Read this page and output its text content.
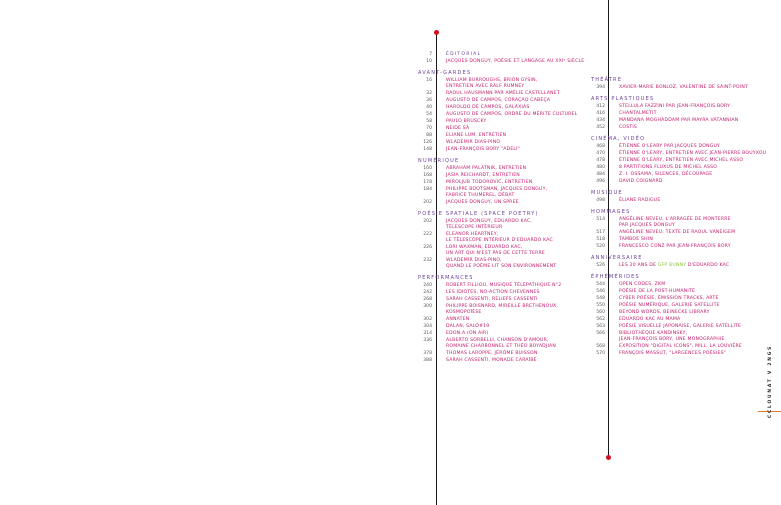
CCLOUNAT V 2NGS
7	ÉDITORIAL
10	JACQUES DONGUY, POÉSIE ET LANGAGE AU XXIᵉ SIÈCLE
AVANT-GARDES
16	WILLIAM BURROUGHS, BRION GYSIN,
ENTRETIEN AVEC RALF RUMNEY
32	RAOUL HAUSMANN PAR AMÉLIE CASTELLANET
36	AUGUSTO DE CAMPOS, CORAÇÃO CABEÇA
40	HAROLDO DE CAMPOS, GALÁXIAS
54	AUGUSTO DE CAMPOS, ORDRE DU MÉRITE CULTUREL
58	PAULO BRUSCKY
70	NEIDE SÁ
88	ELIANE LUM, ENTRETIEN
126	WLADEMIR DIAS-PINO
148	JEAN-FRANÇOIS BORY "ADELI"
NUMÉRIQUE
160	ABRAHAM PALATNIK, ENTRETIEN
168	JASIA REICHARDT, ENTRETIEN
178	MIROLJUB TODOROVIĆ, ENTRETIEN
184	PHILIPPE BOOTSMAN, JACQUES DONGUY,
FABRICE THUMEREL, DÉBAT
202	JACQUES DONGUY, UN SPREE
POÉSIE SPATIALE (SPACE POETRY)
202	JACQUES DONGUY, EDUARDO KAC,
TÉLESCOPE INTÉRIEUR
222	ELEANOR HEARTNEY,
LE TÉLESCOPE INTÉRIEUR D'EDUARDO KAC
226	LORI WAXMAN, EDUARDO KAC,
UN ART QUI N'EST PAS DE CETTE TERRE
232	WLADEMIR DIAS-PINO,
QUAND LE POÈME LIT SON ENVIRONNEMENT
PERFORMANCES
240	ROBERT FILLIOU, MUSIQUE TÉLÉPATHIQUE N°2
242	LES IDIOTES, NO-ACTION CHEVENNES
268	SARAH CASSENTI, RELIEFS CASSENTI
300	PHILIPPE BOISNARD, MIREILLE BRETHENOUX,
KOSMOPOÏÈSE
302	ANNATEN
304	DALAN, SALÓ#19
314	EDON.A (ON AIR)
336	ALBERTO SORBELLI, CHANSON D'AMOUR,
ROMAINE CHARBONNEL ET THÉO BOYADJIAN
378	THOMAS LAROPPE, JÉRÔME BUISSON
388	SARAH CASSENTI, MONADE CARAÏBE
THÉÂTRE
394	XAVIER-MARIE BONLOZ, VALENTINE DE SAINT-POINT
ARTS PLASTIQUES
412	STELLULA FAZZINI PAR JEAN-FRANÇOIS BORY
416	CHANTALMETIT
434	MANDANA MOGHADDAM PAR MAYRA VATANNIAN
452	COSTIS
CINÉMA, VIDÉO
468	ÉTIENNE O'LEARY PAR JACQUES DONGUY
470	ÉTIENNE O'LEARY, ENTRETIEN AVEC JEAN-PIERRE BOUYXOU
478	ÉTIENNE O'LEARY, ENTRETIEN AVEC MICHEL ASSO
480	8 PARTITIONS FLUXUS DE MICHEL ASSO
484	Z. I. OSSAMA, SILENCES, DÉCOUPAGE
496	DAVID COIGNARD
MUSIQUE
498	ÉLIANE RADIGUE
HOMMAGES
514	ANGÉLINE NEVEU, L'ARRAGÉE DE MONTERRE
PAR JACQUES DONGUY
517	ANGÉLINE NEVEU, TEXTE DE RAOUL VANEIGEM
518	TAMBOE SHIN
520	FRANCESCO CONZ PAR JEAN-FRANÇOIS BORY
ANNIVERSAIRE
526	LES 20 ANS DE GFP BUNNY D'EDUARDO KAC
ÉPHÉMÉRIDES
544	OPEN CODES, ZKM
546	POÉSIE DE LA POST-HUMANITÉ
548	CYBER POÉSIE, ÉMISSION TRACKS, ARTE
550	POÉSIE NUMÉRIQUE, GALERIE SATELLITE
560	BEYOND WORDS, BEINECKE LIBRARY
562	EDUARDO KAC AU MAMA
563	POÉSIE VISUELLE JAPONAISE, GALERIE SATELLITE
566	BIBLIOTHÈQUE KANDINSKY,
JEAN-FRANÇOIS BORY, UNE MONOGRAPHIE
568	EXPOSITION "DIGITAL ICONS", MILL, LA LOUVIÈRE
570	FRANÇOIS MASSUT, "LARGENCES POÉSIES"
